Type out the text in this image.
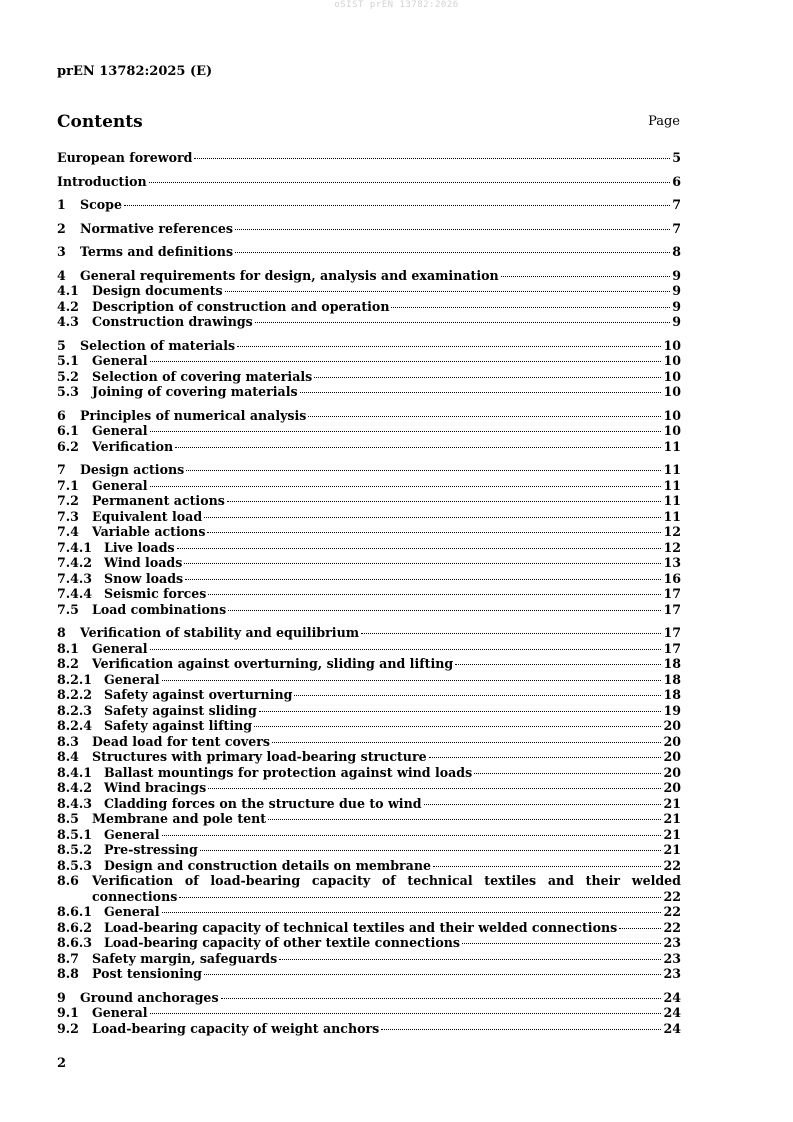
oSIST prEN 13782:2026
prEN 13782:2025 (E)
Contents	Page
European foreword	5
Introduction	6
1	Scope	7
2	Normative references	7
3	Terms and definitions	8
4	General requirements for design, analysis and examination	9
4.1	Design documents	9
4.2	Description of construction and operation	9
4.3	Construction drawings	9
5	Selection of materials	10
5.1	General	10
5.2	Selection of covering materials	10
5.3	Joining of covering materials	10
6	Principles of numerical analysis	10
6.1	General	10
6.2	Verification	11
7	Design actions	11
7.1	General	11
7.2	Permanent actions	11
7.3	Equivalent load	11
7.4	Variable actions	12
7.4.1 Live loads	12
7.4.2 Wind loads	13
7.4.3 Snow loads	16
7.4.4 Seismic forces	17
7.5	Load combinations	17
8	Verification of stability and equilibrium	17
8.1	General	17
8.2	Verification against overturning, sliding and lifting	18
8.2.1 General	18
8.2.2 Safety against overturning	18
8.2.3 Safety against sliding	19
8.2.4 Safety against lifting	20
8.3	Dead load for tent covers	20
8.4	Structures with primary load-bearing structure	20
8.4.1 Ballast mountings for protection against wind loads	20
8.4.2 Wind bracings	20
8.4.3 Cladding forces on the structure due to wind	21
8.5	Membrane and pole tent	21
8.5.1 General	21
8.5.2 Pre-stressing	21
8.5.3 Design and construction details on membrane	22
8.6	Verification of load-bearing capacity of technical textiles and their welded
connections	22
8.6.1 General	22
8.6.2 Load-bearing capacity of technical textiles and their welded connections	22
8.6.3 Load-bearing capacity of other textile connections	23
8.7	Safety margin, safeguards	23
8.8	Post tensioning	23
9	Ground anchorages	24
9.1	General	24
9.2	Load-bearing capacity of weight anchors	24
2
